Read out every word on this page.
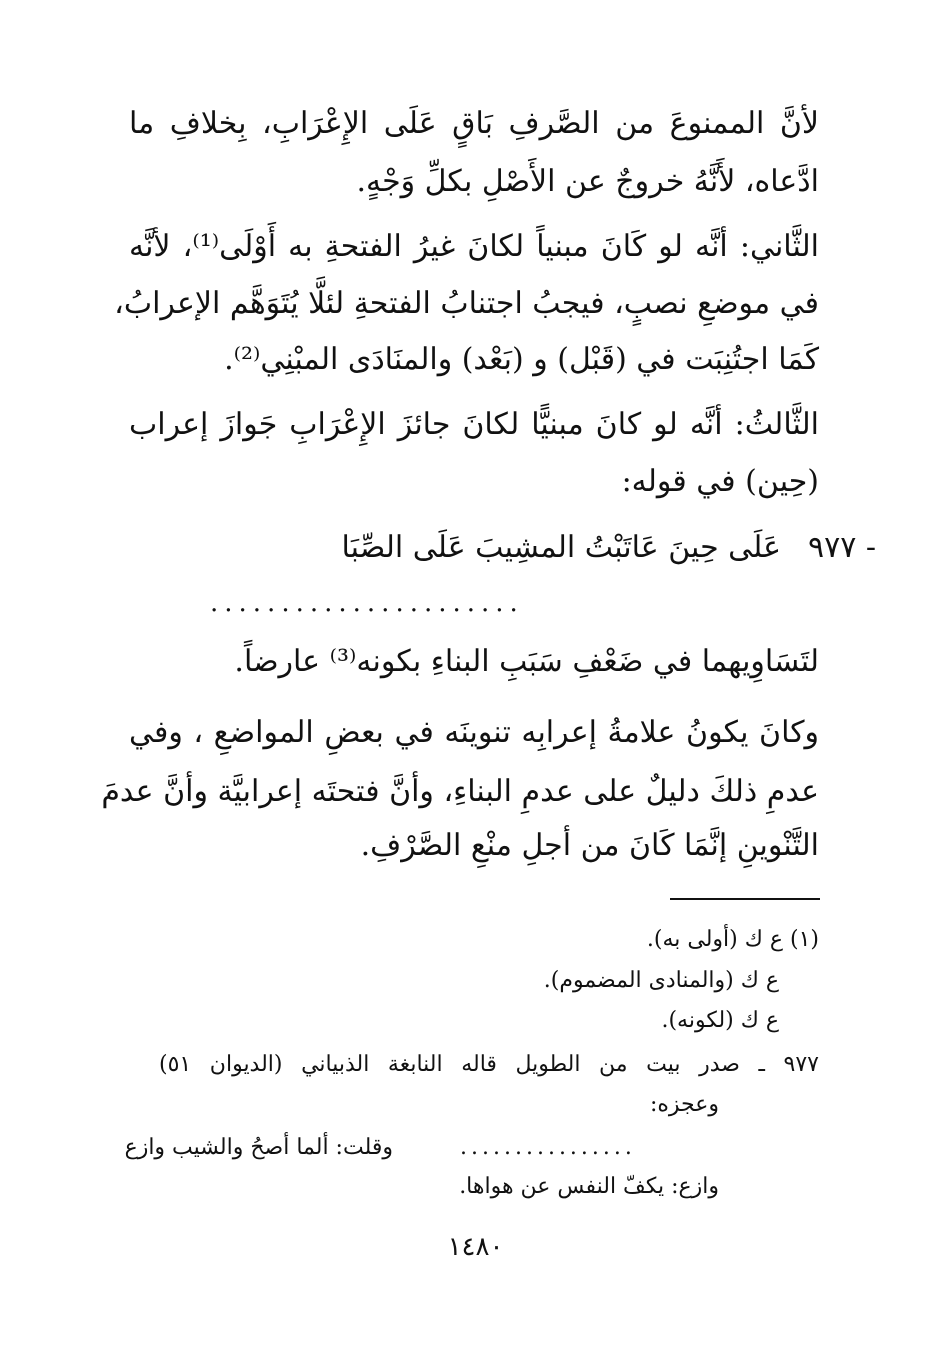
لأنَّ الممنوعَ من الصَّرفِ بَاقٍ عَلَى الإِعْرَابِ، بِخلافِ ما
ادَّعاه، لأَنَّهُ خروجٌ عن الأَصْلِ بكلِّ وَجْهٍ.
الثَّاني: أنَّه لو كَانَ مبنياً لكانَ غيرُ الفتحةِ به أَوْلَى⁽¹⁾، لأنَّه
في موضعِ نصبٍ، فيجبُ اجتنابُ الفتحةِ لئلَّا يُتَوَهَّم الإعرابُ،
كَمَا اجتُنِبَت في (قَبْل) و (بَعْد) والمنَادَى المبْنِي⁽²⁾.
الثَّالثُ: أنَّه لو كانَ مبنيًّا لكانَ جائزَ الإِعْرَابِ جَوازَ إعراب
(حِين) في قوله:
٩٧٧ -
عَلَى حِينَ عَاتَبْتُ المشِيبَ عَلَى الصِّبَا
......................
لتَسَاوِيهما في ضَعْفِ سَبَبِ البناءِ بكونه⁽³⁾ عارضاً.
وكانَ يكونُ علامةُ إعرابِه تنوينَه في بعضِ المواضعِ ، وفي
عدمِ ذلكَ دليلٌ على عدمِ البناءِ، وأنَّ فتحتَه إعرابيَّة وأنَّ عدمَ
التَّنْوينِ إنَّمَا كَانَ من أجلِ منْعِ الصَّرْفِ.
(١) ع ك (أولى به).
ع ك (والمنادى المضموم).
ع ك (لكونه).
٩٧٧ ـ صدر بيت من الطويل قاله النابغة الذبياني (الديوان ٥١)
وعجزه:
وقلت: ألما أصحُ والشيب وازع	................
وازع: يكفّ النفس عن هواها.
١٤٨٠
